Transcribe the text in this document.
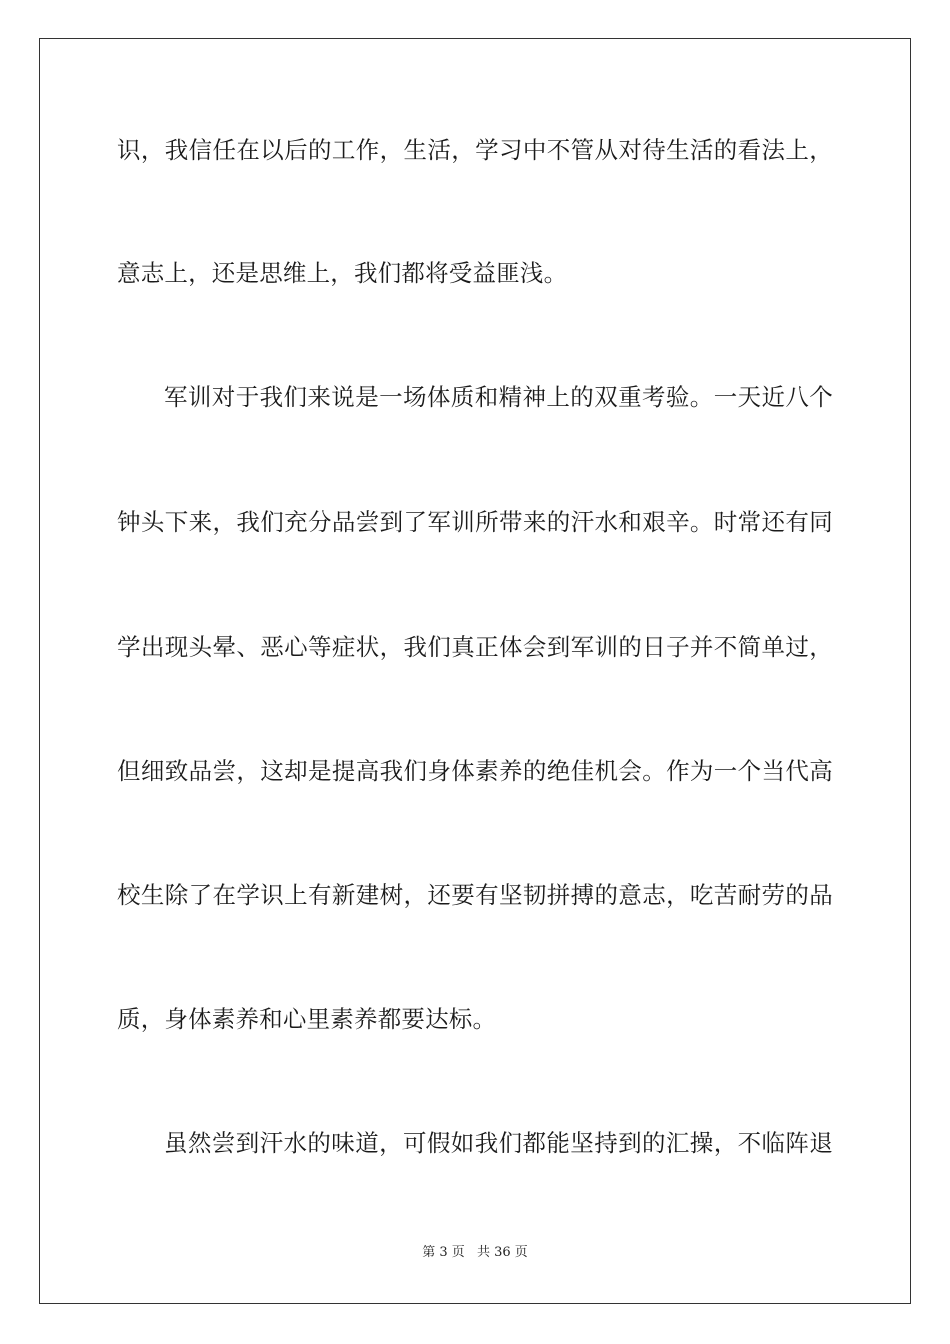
识，我信任在以后的工作，生活，学习中不管从对待生活的看法上，
意志上，还是思维上，我们都将受益匪浅。
军训对于我们来说是一场体质和精神上的双重考验。一天近八个
钟头下来，我们充分品尝到了军训所带来的汗水和艰辛。时常还有同
学出现头晕、恶心等症状，我们真正体会到军训的日子并不简单过，
但细致品尝，这却是提高我们身体素养的绝佳机会。作为一个当代高
校生除了在学识上有新建树，还要有坚韧拼搏的意志，吃苦耐劳的品
质，身体素养和心里素养都要达标。
虽然尝到汗水的味道，可假如我们都能坚持到的汇操，不临阵退
第 3 页 共 36 页
